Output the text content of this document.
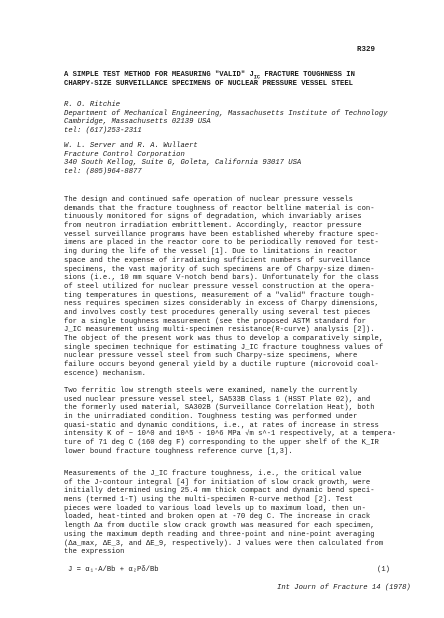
R329
A SIMPLE TEST METHOD FOR MEASURING "VALID" $J_{IC}$ FRACTURE TOUGHNESS IN
CHARPY-SIZE SURVEILLANCE SPECIMENS OF NUCLEAR PRESSURE VESSEL STEEL
R. O. Ritchie
Department of Mechanical Engineering, Massachusetts Institute of Technology
Cambridge, Massachusetts 02139 USA
tel: (617)253-2311
W. L. Server and R. A. Wullaert
Fracture Control Corporation
340 South Kellog, Suite G, Goleta, California 93017 USA
tel: (805)964-8877
The design and continued safe operation of nuclear pressure vessels
demands that the fracture toughness of reactor beltline material is con-
tinuously monitored for signs of degradation, which invariably arises
from neutron irradiation embrittlement. Accordingly, reactor pressure
vessel surveillance programs have been established whereby fracture spec-
imens are placed in the reactor core to be periodically removed for test-
ing during the life of the vessel [1]. Due to limitations in reactor
space and the expense of irradiating sufficient numbers of surveillance
specimens, the vast majority of such specimens are of Charpy-size dimen-
sions (i.e., 10 mm square V-notch bend bars). Unfortunately for the class
of steel utilized for nuclear pressure vessel construction at the opera-
ting temperatures in questions, measurement of a "valid" fracture tough-
ness requires specimen sizes considerably in excess of Charpy dimensions,
and involves costly test procedures generally using several test pieces
for a single toughness measurement (see the proposed ASTM standard for
J_IC measurement using multi-specimen resistance(R-curve) analysis [2]).
The object of the present work was thus to develop a comparatively simple,
single specimen technique for estimating J_IC fracture toughness values of
nuclear pressure vessel steel from such Charpy-size specimens, where
failure occurs beyond general yield by a ductile rupture (microvoid coal-
escence) mechanism.
Two ferritic low strength steels were examined, namely the currently
used nuclear pressure vessel steel, SA533B Class 1 (HSST Plate 02), and
the formerly used material, SA302B (Surveillance Correlation Heat), both
in the unirradiated condition. Toughness testing was performed under
quasi-static and dynamic conditions, i.e., at rates of increase in stress
intensity K of ~ 10^0 and 10^5 - 10^6 MPa √m s^-1 respectively, at a tempera-
ture of 71 deg C (160 deg F) corresponding to the upper shelf of the K_IR
lower bound fracture toughness reference curve [1,3].
Measurements of the J_IC fracture toughness, i.e., the critical value
of the J-contour integral [4] for initiation of slow crack growth, were
initially determined using 25.4 mm thick compact and dynamic bend speci-
mens (termed 1-T) using the multi-specimen R-curve method [2]. Test
pieces were loaded to various load levels up to maximum load, then un-
loaded, heat-tinted and broken open at -70 deg C. The increase in crack
length Δa from ductile slow crack growth was measured for each specimen,
using the maximum depth reading and three-point and nine-point averaging
(Δa_max, ΔE_3, and ΔE_9, respectively). J values were then calculated from
the expression
J = α₁·A/Bb + α₂Pδ/Bb	(1)
Int Journ of Fracture 14 (1978)
